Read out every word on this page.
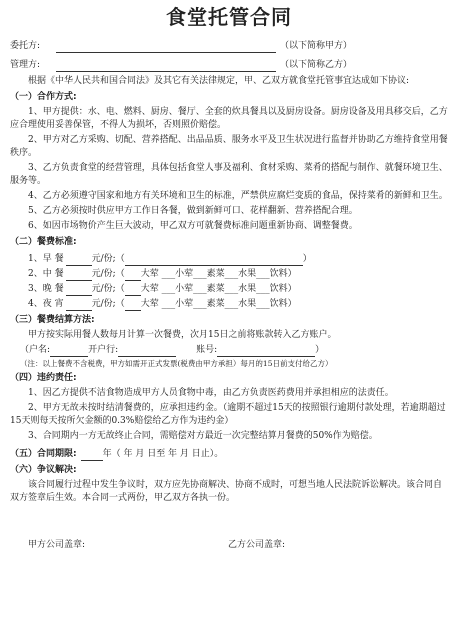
食堂托管合同
委托方:	（以下简称甲方）
管理方:	（以下简称乙方）

根据《中华人民共和国合同法》及其它有关法律规定，甲、乙双方就食堂托管事宜达成如下协议:

（一）合作方式:

1、甲方提供：水、电、燃料、厨房、餐厅、全套的炊具餐具以及厨房设备。厨房设备及用具移交后，乙方应合理使用妥善保管，不得人为损坏，否则照价赔偿。

2、甲方对乙方采购、切配、营养搭配、出品品质、服务水平及卫生状况进行监督并协助乙方维持食堂用餐秩序。

3、乙方负责食堂的经营管理，具体包括食堂人事及福利、食材采购、菜肴的搭配与制作、就餐环境卫生、服务等。

4、乙方必须遵守国家和地方有关环境和卫生的标准，严禁供应腐烂变质的食品，保持菜肴的新鲜和卫生。

5、乙方必须按时供应甲方工作日各餐，做到新鲜可口、花样翻新、营养搭配合理。

6、如因市场物价产生巨大波动，甲乙双方可就餐费标准问题重新协商、调整餐费。

（二）餐费标准:
1、 早 餐	元/份; （	）
2、 中 餐	元/份; （ 大荤 ___小荤___素菜___水果___饮料 ）
3、 晚 餐	元/份; （ 大荤 ___小荤___素菜___水果___饮料 ）
4、 夜 宵	元/份; （ 大荤 ___小荤___素菜___水果___饮料 ）
（三）餐费结算方法:

甲方按实际用餐人数每月计算一次餐费，次月15日之前将账款转入乙方账户。

（ 户名:	开户行:	账号:	）

（注：以上餐费不含税费，甲方如需开正式发票(税费由甲方承担）每月的15日前支付给乙方）

（四）违约责任:

1、因乙方提供不洁食物造成甲方人员食物中毒，由乙方负责医药费用并承担相应的法责任。

2、甲方无故未按时结清餐费的，应承担违约金。（逾期不超过15天的按照银行逾期付款处理，若逾期超过15天则每天按所欠金额的0.3%赔偿给乙方作为违约金）

3、合同期内一方无故终止合同，需赔偿对方最近一次完整结算月餐费的50%作为赔偿。

（五）合同期限:	年（ 年 月 日至 年 月 日止）。
（六）争议解决:

该合同履行过程中发生争议时，双方应先协商解决、协商不成时，可想当地人民法院诉讼解决。该合同自双方签章后生效。本合同一式两份，甲乙双方各执一份。

甲方公司盖章:	乙方公司盖章:
